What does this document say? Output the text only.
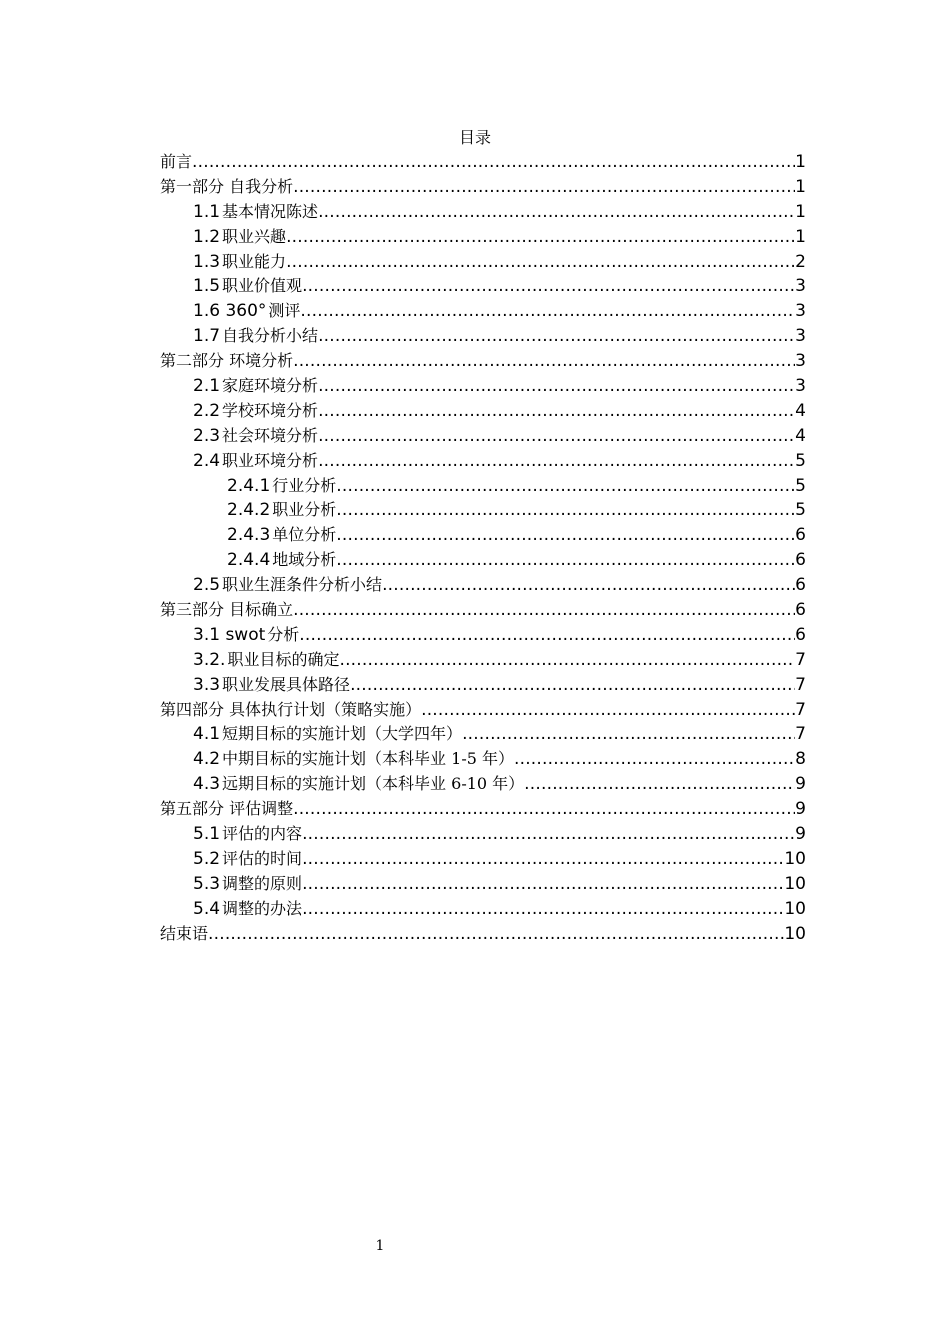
目录
前言 .....	1
第一部分 自我分析 .....	1
1.1 基本情况陈述 .....	1
1.2 职业兴趣 .....	1
1.3 职业能力 .....	2
1.5 职业价值观 .....	3
1.6 360° 测评 .....	3
1.7 自我分析小结 .....	3
第二部分 环境分析 .....	3
2.1 家庭环境分析 .....	3
2.2 学校环境分析 .....	4
2.3 社会环境分析 .....	4
2.4 职业环境分析 .....	5
2.4.1 行业分析 .....	5
2.4.2 职业分析 .....	5
2.4.3 单位分析 .....	6
2.4.4 地域分析 .....	6
2.5 职业生涯条件分析小结 .....	6
第三部分 目标确立 .....	6
3.1 swot 分析 .....	6
3.2. 职业目标的确定 .....	7
3.3 职业发展具体路径 .....	7
第四部分 具体执行计划（策略实施） .....	7
4.1 短期目标的实施计划（大学四年） .....	7
4.2 中期目标的实施计划（本科毕业 1-5 年） .....	8
4.3 远期目标的实施计划（本科毕业 6-10 年） .....	9
第五部分 评估调整 .....	9
5.1 评估的内容 .....	9
5.2 评估的时间 .....	10
5.3 调整的原则 .....	10
5.4 调整的办法 .....	10
结束语 .....	10
1
